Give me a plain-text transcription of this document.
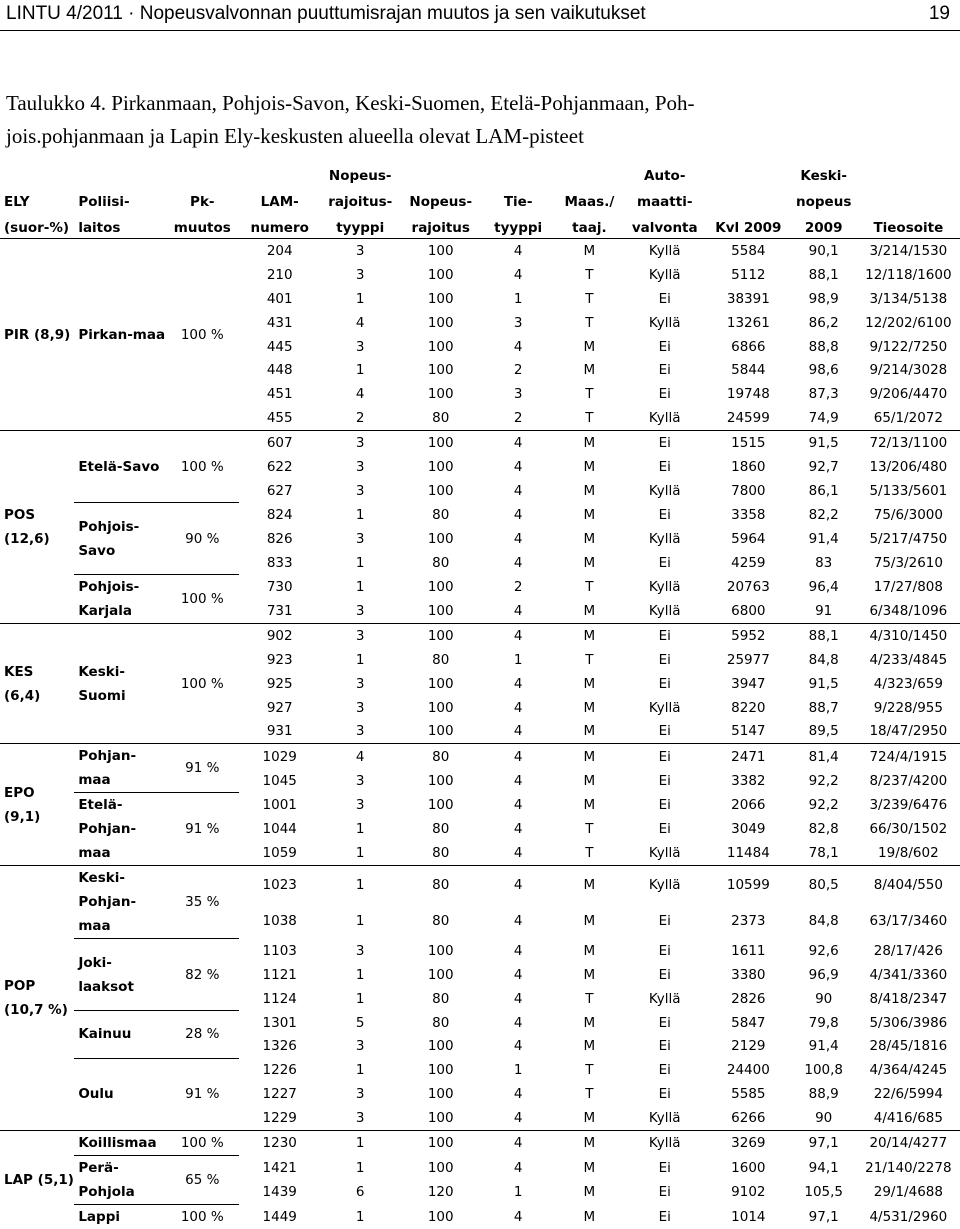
LINTU 4/2011 · Nopeusvalvonnan puuttumisrajan muutos ja sen vaikutukset	19
Taulukko 4. Pirkanmaan, Pohjois-Savon, Keski-Suomen, Etelä-Pohjanmaan, Poh-
jois.pohjanmaan ja Lapin Ely-keskusten alueella olevat LAM-pisteet
				Nopeus-				Auto-		Keski-	
ELY	Poliisi-	Pk-	LAM-	rajoitus-	Nopeus-	Tie-	Maas./	maatti-		nopeus	
(suor-%)	laitos	muutos	numero	tyyppi	rajoitus	tyyppi	taaj.	valvonta	Kvl 2009	2009	Tieosoite
PIR (8,9)	Pirkan-maa	100 %	204	3	100	4	M	Kyllä	5584	90,1	3/214/1530
			210	3	100	4	T	Kyllä	5112	88,1	12/118/1600
			401	1	100	1	T	Ei	38391	98,9	3/134/5138
			431	4	100	3	T	Kyllä	13261	86,2	12/202/6100
			445	3	100	4	M	Ei	6866	88,8	9/122/7250
			448	1	100	2	M	Ei	5844	98,6	9/214/3028
			451	4	100	3	T	Ei	19748	87,3	9/206/4470
			455	2	80	2	T	Kyllä	24599	74,9	65/1/2072
POS (12,6)	Etelä-Savo	100 %	607	3	100	4	M	Ei	1515	91,5	72/13/1100
			622	3	100	4	M	Ei	1860	92,7	13/206/480
			627	3	100	4	M	Kyllä	7800	86,1	5/133/5601
	Pohjois-Savo	90 %	824	1	80	4	M	Ei	3358	82,2	75/6/3000
			826	3	100	4	M	Kyllä	5964	91,4	5/217/4750
			833	1	80	4	M	Ei	4259	83	75/3/2610
	Pohjois-Karjala	100 %	730	1	100	2	T	Kyllä	20763	96,4	17/27/808
			731	3	100	4	M	Kyllä	6800	91	6/348/1096
KES (6,4)	Keski-Suomi	100 %	902	3	100	4	M	Ei	5952	88,1	4/310/1450
			923	1	80	1	T	Ei	25977	84,8	4/233/4845
			925	3	100	4	M	Ei	3947	91,5	4/323/659
			927	3	100	4	M	Kyllä	8220	88,7	9/228/955
			931	3	100	4	M	Ei	5147	89,5	18/47/2950
EPO (9,1)	Pohjan-maa	91 %	1029	4	80	4	M	Ei	2471	81,4	724/4/1915
			1045	3	100	4	M	Ei	3382	92,2	8/237/4200
	Etelä-Pohjan-maa	91 %	1001	3	100	4	M	Ei	2066	92,2	3/239/6476
			1044	1	80	4	T	Ei	3049	82,8	66/30/1502
			1059	1	80	4	T	Kyllä	11484	78,1	19/8/602
POP (10,7 %)	Keski-Pohjan-maa	35 %	1023	1	80	4	M	Kyllä	10599	80,5	8/404/550
			1038	1	80	4	M	Ei	2373	84,8	63/17/3460
	Joki-laaksot	82 %	1103	3	100	4	M	Ei	1611	92,6	28/17/426
			1121	1	100	4	M	Ei	3380	96,9	4/341/3360
			1124	1	80	4	T	Kyllä	2826	90	8/418/2347
	Kainuu	28 %	1301	5	80	4	M	Ei	5847	79,8	5/306/3986
			1326	3	100	4	M	Ei	2129	91,4	28/45/1816
	Oulu	91 %	1226	1	100	1	T	Ei	24400	100,8	4/364/4245
			1227	3	100	4	T	Ei	5585	88,9	22/6/5994
			1229	3	100	4	M	Kyllä	6266	90	4/416/685
LAP (5,1)	Koillismaa	100 %	1230	1	100	4	M	Kyllä	3269	97,1	20/14/4277
	Perä-Pohjola	65 %	1421	1	100	4	M	Ei	1600	94,1	21/140/2278
			1439	6	120	1	M	Ei	9102	105,5	29/1/4688
	Lappi	100 %	1449	1	100	4	M	Ei	1014	97,1	4/531/2960
